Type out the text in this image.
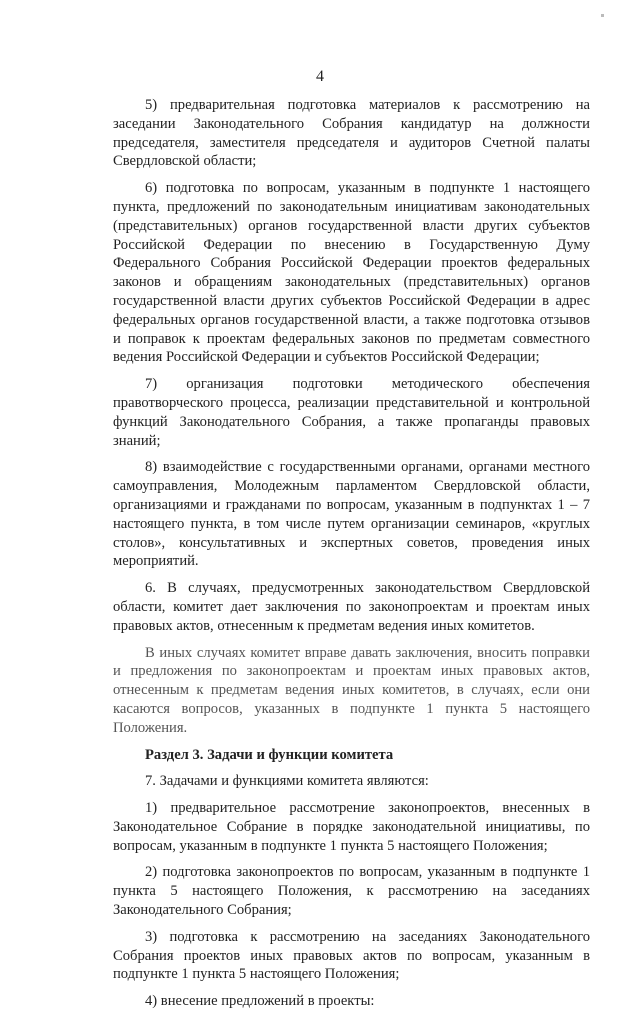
4

5) предварительная подготовка материалов к рассмотрению на заседании Законодательного Собрания кандидатур на должности председателя, заместителя председателя и аудиторов Счетной палаты Свердловской области;

6) подготовка по вопросам, указанным в подпункте 1 настоящего пункта, предложений по законодательным инициативам законодательных (представительных) органов государственной власти других субъектов Российской Федерации по внесению в Государственную Думу Федерального Собрания Российской Федерации проектов федеральных законов и обращениям законодательных (представительных) органов государственной власти других субъектов Российской Федерации в адрес федеральных органов государственной власти, а также подготовка отзывов и поправок к проектам федеральных законов по предметам совместного ведения Российской Федерации и субъектов Российской Федерации;

7) организация подготовки методического обеспечения правотворческого процесса, реализации представительной и контрольной функций Законодательного Собрания, а также пропаганды правовых знаний;

8) взаимодействие с государственными органами, органами местного самоуправления, Молодежным парламентом Свердловской области, организациями и гражданами по вопросам, указанным в подпунктах 1 – 7 настоящего пункта, в том числе путем организации семинаров, «круглых столов», консультативных и экспертных советов, проведения иных мероприятий.

6. В случаях, предусмотренных законодательством Свердловской области, комитет дает заключения по законопроектам и проектам иных правовых актов, отнесенным к предметам ведения иных комитетов.

В иных случаях комитет вправе давать заключения, вносить поправки и предложения по законопроектам и проектам иных правовых актов, отнесенным к предметам ведения иных комитетов, в случаях, если они касаются вопросов, указанных в подпункте 1 пункта 5 настоящего Положения.

Раздел 3. Задачи и функции комитета

7. Задачами и функциями комитета являются:

1) предварительное рассмотрение законопроектов, внесенных в Законодательное Собрание в порядке законодательной инициативы, по вопросам, указанным в подпункте 1 пункта 5 настоящего Положения;

2) подготовка законопроектов по вопросам, указанным в подпункте 1 пункта 5 настоящего Положения, к рассмотрению на заседаниях Законодательного Собрания;

3) подготовка к рассмотрению на заседаниях Законодательного Собрания проектов иных правовых актов по вопросам, указанным в подпункте 1 пункта 5 настоящего Положения;

4) внесение предложений в проекты:
